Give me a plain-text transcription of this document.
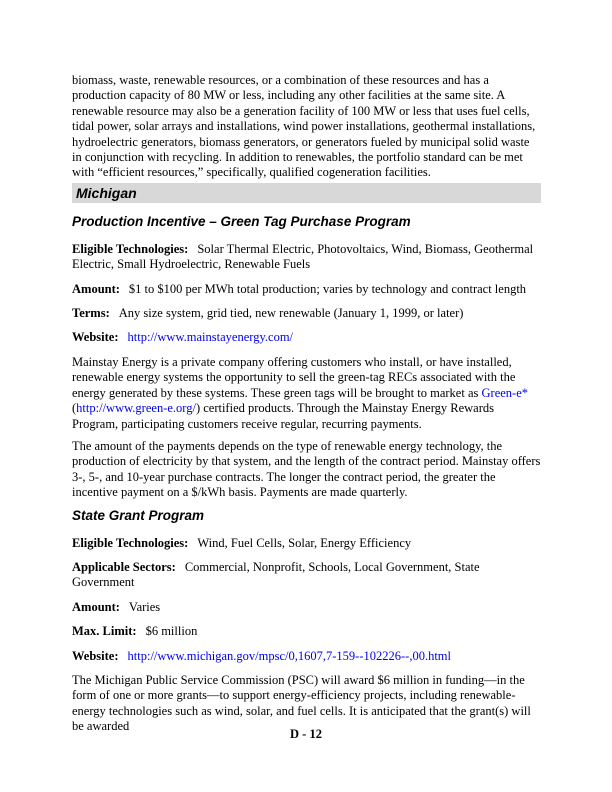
biomass, waste, renewable resources, or a combination of these resources and has a production capacity of 80 MW or less, including any other facilities at the same site. A renewable resource may also be a generation facility of 100 MW or less that uses fuel cells, tidal power, solar arrays and installations, wind power installations, geothermal installations, hydroelectric generators, biomass generators, or generators fueled by municipal solid waste in conjunction with recycling. In addition to renewables, the portfolio standard can be met with “efficient resources,” specifically, qualified cogeneration facilities.

Michigan

Production Incentive – Green Tag Purchase Program

Eligible Technologies: Solar Thermal Electric, Photovoltaics, Wind, Biomass, Geothermal Electric, Small Hydroelectric, Renewable Fuels

Amount: $1 to $100 per MWh total production; varies by technology and contract length

Terms: Any size system, grid tied, new renewable (January 1, 1999, or later)

Website: http://www.mainstayenergy.com/

Mainstay Energy is a private company offering customers who install, or have installed, renewable energy systems the opportunity to sell the green-tag RECs associated with the energy generated by these systems. These green tags will be brought to market as Green-e* (http://www.green-e.org/) certified products. Through the Mainstay Energy Rewards Program, participating customers receive regular, recurring payments.

The amount of the payments depends on the type of renewable energy technology, the production of electricity by that system, and the length of the contract period. Mainstay offers 3-, 5-, and 10-year purchase contracts. The longer the contract period, the greater the incentive payment on a $/kWh basis. Payments are made quarterly.

State Grant Program

Eligible Technologies: Wind, Fuel Cells, Solar, Energy Efficiency

Applicable Sectors: Commercial, Nonprofit, Schools, Local Government, State Government

Amount: Varies

Max. Limit: $6 million

Website: http://www.michigan.gov/mpsc/0,1607,7-159--102226--,00.html

The Michigan Public Service Commission (PSC) will award $6 million in funding—in the form of one or more grants—to support energy-efficiency projects, including renewable-energy technologies such as wind, solar, and fuel cells. It is anticipated that the grant(s) will be awarded

D - 12
